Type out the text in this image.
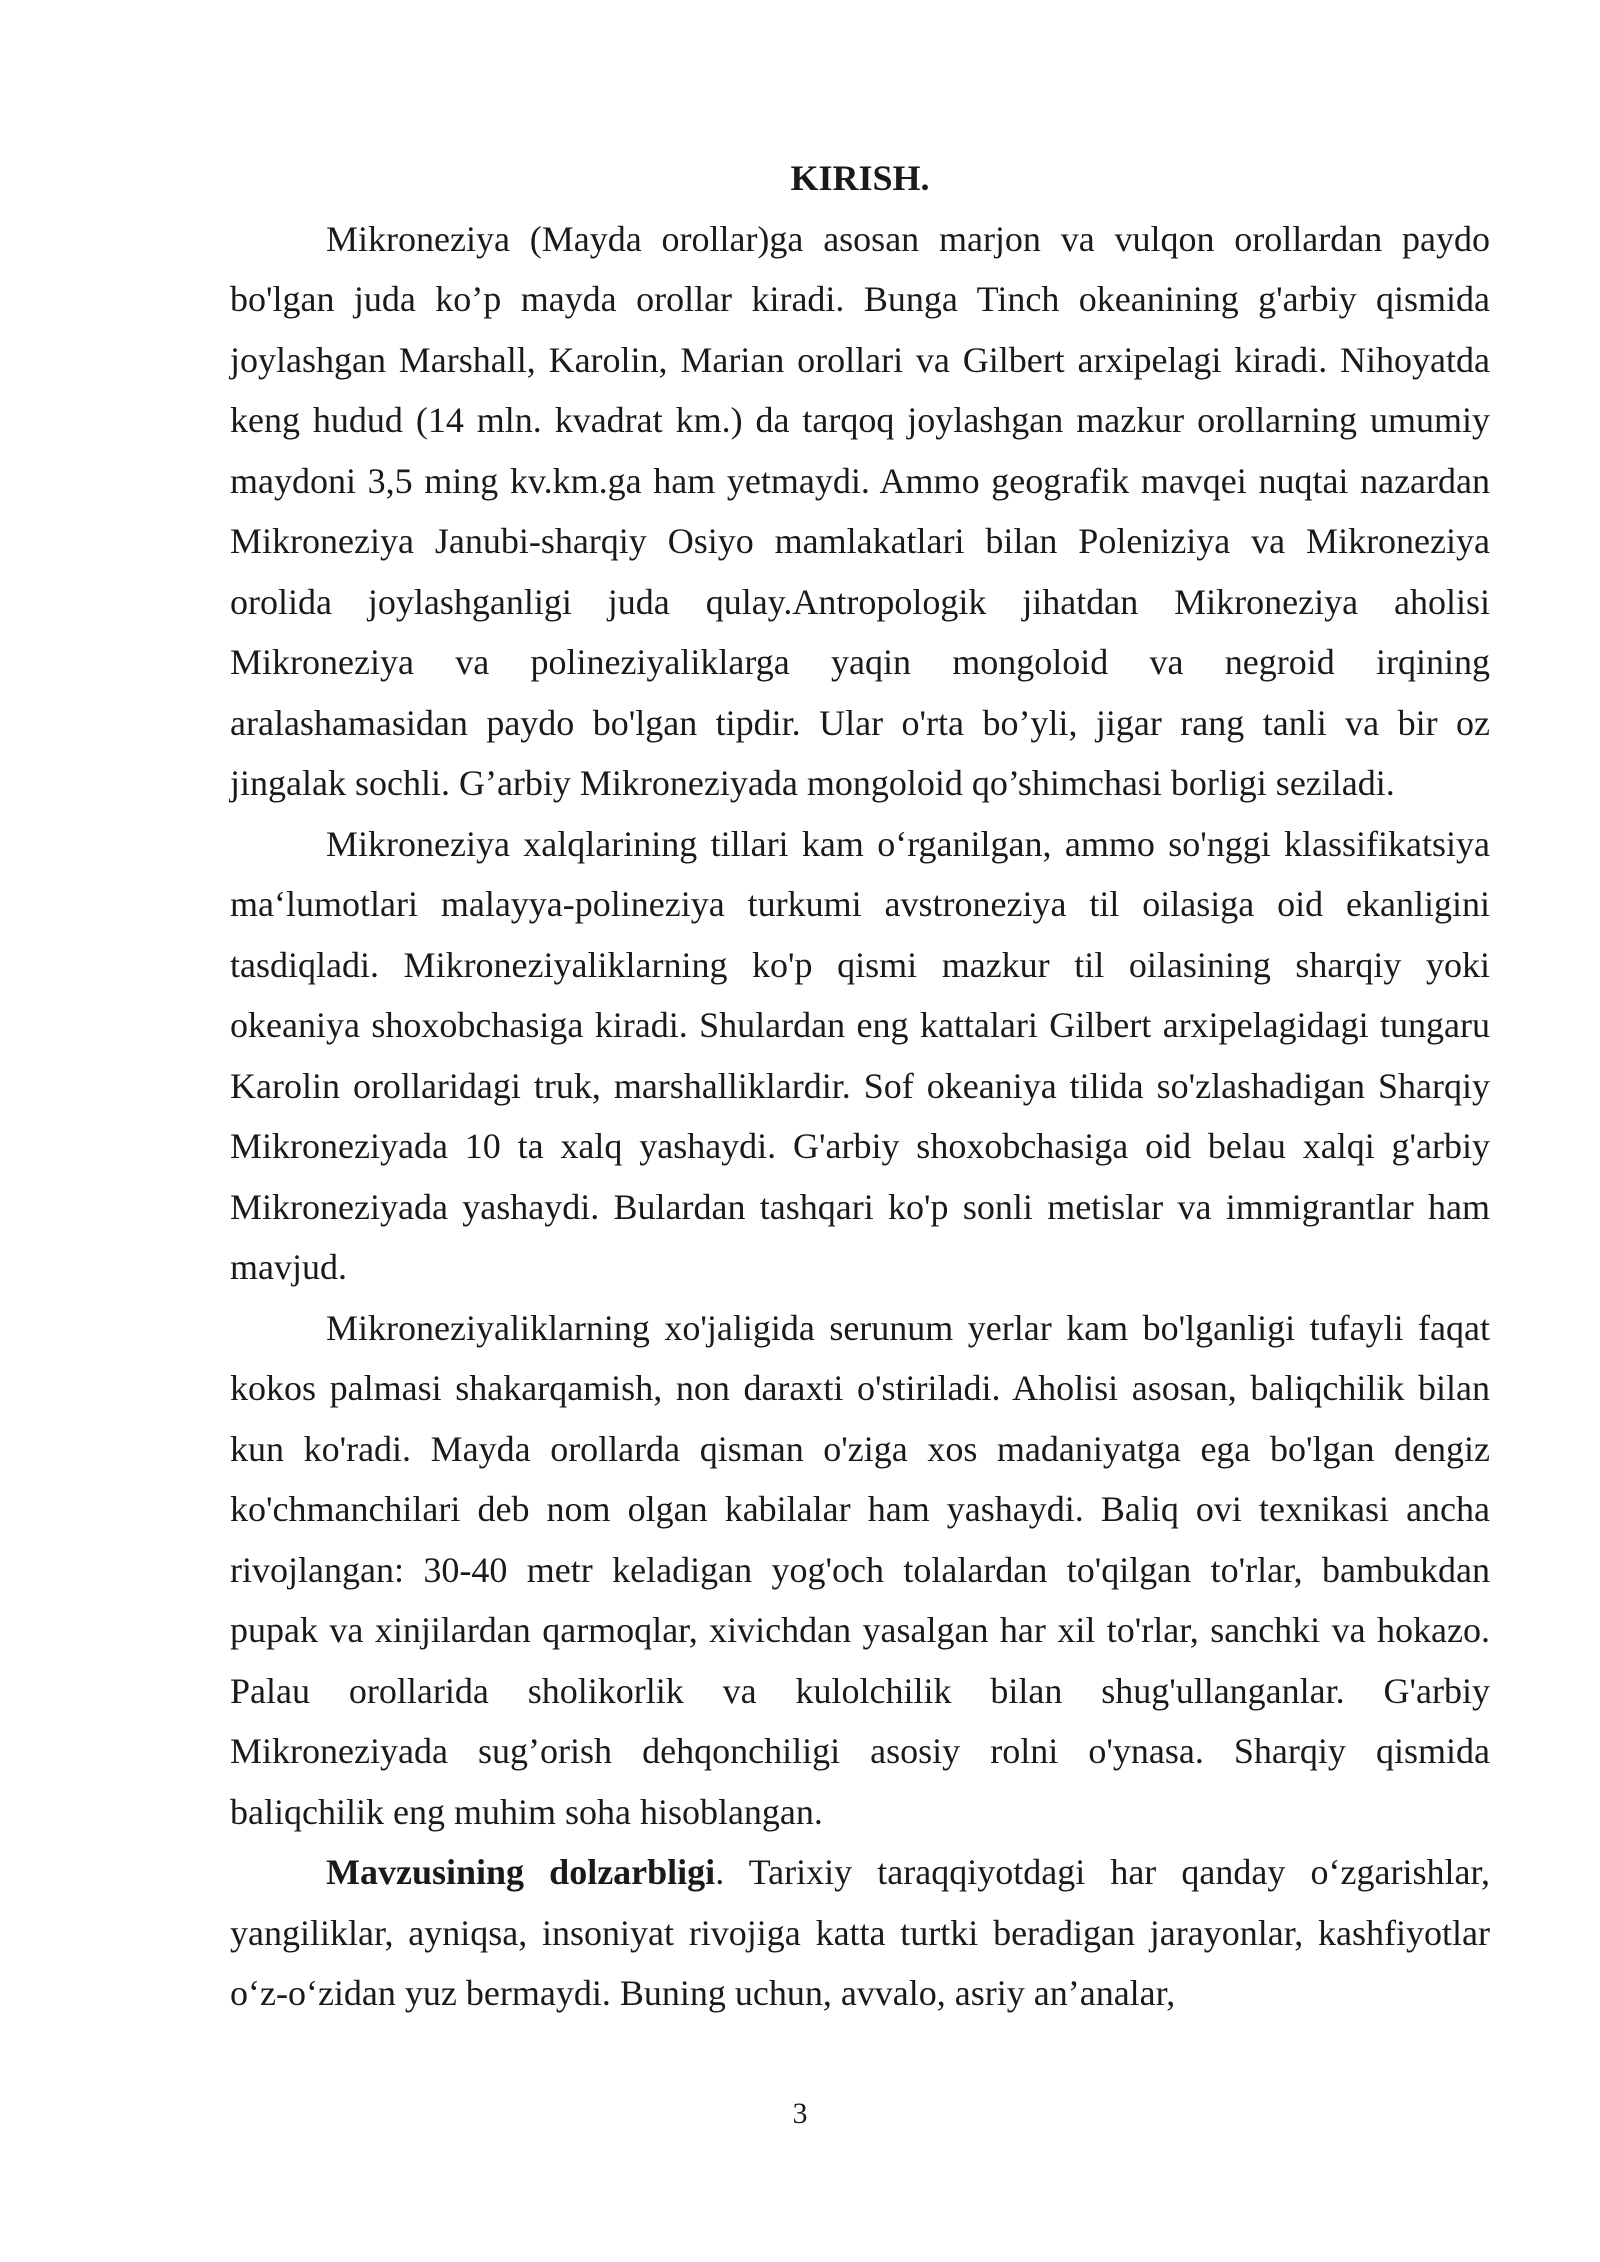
KIRISH.

Mikroneziya (Mayda orollar)ga asosan marjon va vulqon orollardan paydo bo'lgan juda ko’p mayda orollar kiradi. Bunga Tinch okeanining g'arbiy qismida joylashgan Marshall, Karolin, Marian orollari va Gilbert arxipelagi kiradi. Nihoyatda keng hudud (14 mln. kvadrat km.) da tarqoq joylashgan mazkur orollarning umumiy maydoni 3,5 ming kv.km.ga ham yetmaydi. Ammo geografik mavqei nuqtai nazardan Mikroneziya Janubi-sharqiy Osiyo mamlakatlari bilan Poleniziya va Mikroneziya orolida joylashganligi juda qulay.Antropologik jihatdan Mikroneziya aholisi Mikroneziya va polineziyaliklarga yaqin mongoloid va negroid irqining aralashamasidan paydo bo'lgan tipdir. Ular o'rta bo’yli, jigar rang tanli va bir oz jingalak sochli. G’arbiy Mikroneziyada mongoloid qo’shimchasi borligi seziladi.

Mikroneziya xalqlarining tillari kam o‘rganilgan, ammo so'nggi klassifikatsiya ma‘lumotlari malayya-polineziya turkumi avstroneziya til oilasiga oid ekanligini tasdiqladi. Mikroneziyaliklarning ko'p qismi mazkur til oilasining sharqiy yoki okeaniya shoxobchasiga kiradi. Shulardan eng kattalari Gilbert arxipelagidagi tungaru Karolin orollaridagi truk, marshalliklardir. Sof okeaniya tilida so'zlashadigan Sharqiy Mikroneziyada 10 ta xalq yashaydi. G'arbiy shoxobchasiga oid belau xalqi g'arbiy Mikroneziyada yashaydi. Bulardan tashqari ko'p sonli metislar va immigrantlar ham mavjud.

Mikroneziyaliklarning xo'jaligida serunum yerlar kam bo'lganligi tufayli faqat kokos palmasi shakarqamish, non daraxti o'stiriladi. Aholisi asosan, baliqchilik bilan kun ko'radi. Mayda orollarda qisman o'ziga xos madaniyatga ega bo'lgan dengiz ko'chmanchilari deb nom olgan kabilalar ham yashaydi. Baliq ovi texnikasi ancha rivojlangan: 30-40 metr keladigan yog'och tolalardan to'qilgan to'rlar, bambukdan pupak va xinjilardan qarmoqlar, xivichdan yasalgan har xil to'rlar, sanchki va hokazo. Palau orollarida sholikorlik va kulolchilik bilan shug'ullanganlar. G'arbiy Mikroneziyada sug’orish dehqonchiligi asosiy rolni o'ynasa. Sharqiy qismida baliqchilik eng muhim soha hisoblangan.

Mavzusining dolzarbligi. Tarixiy taraqqiyotdagi har qanday o‘zgarishlar, yangiliklar, ayniqsa, insoniyat rivojiga katta turtki beradigan jarayonlar, kashfiyotlar o‘z-o‘zidan yuz bermaydi. Buning uchun, avvalo, asriy an’analar,

3
